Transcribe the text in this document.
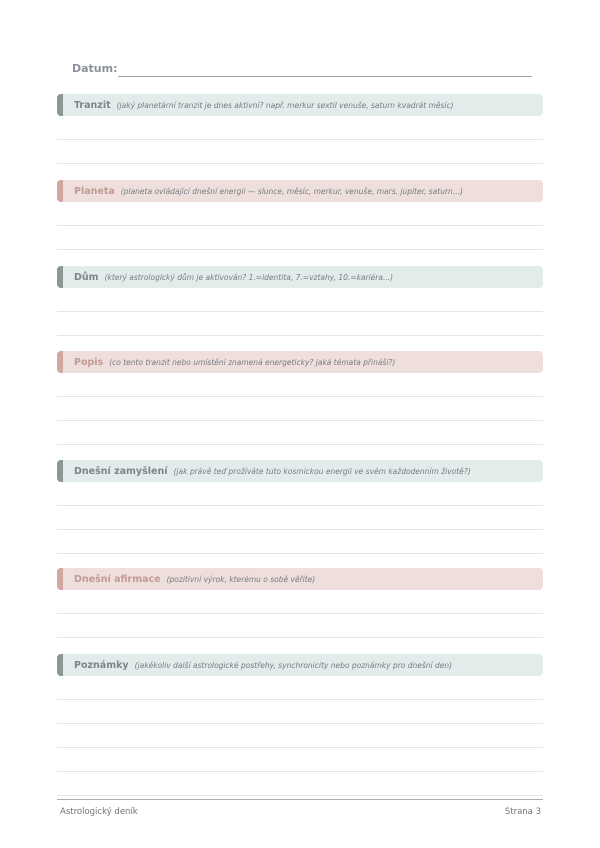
Datum:
Tranzit (jaký planetární tranzit je dnes aktivní? např. merkur sextil venuše, saturn kvadrát měsíc)
Planeta (planeta ovládající dnešní energii — slunce, měsíc, merkur, venuše, mars, jupiter, saturn...)
Dům (který astrologický dům je aktivován? 1.=identita, 7.=vztahy, 10.=kariéra...)
Popis (co tento tranzit nebo umístění znamená energeticky? jaká témata přináší?)
Dnešní zamyšlení (jak právě teď prožíváte tuto kosmickou energii ve svém každodenním životě?)
Dnešní afirmace (pozitivní výrok, kterému o sobě věříte)
Poznámky (jakékoliv další astrologické postřehy, synchronicity nebo poznámky pro dnešní den)
Astrologický deník	Strana 3
